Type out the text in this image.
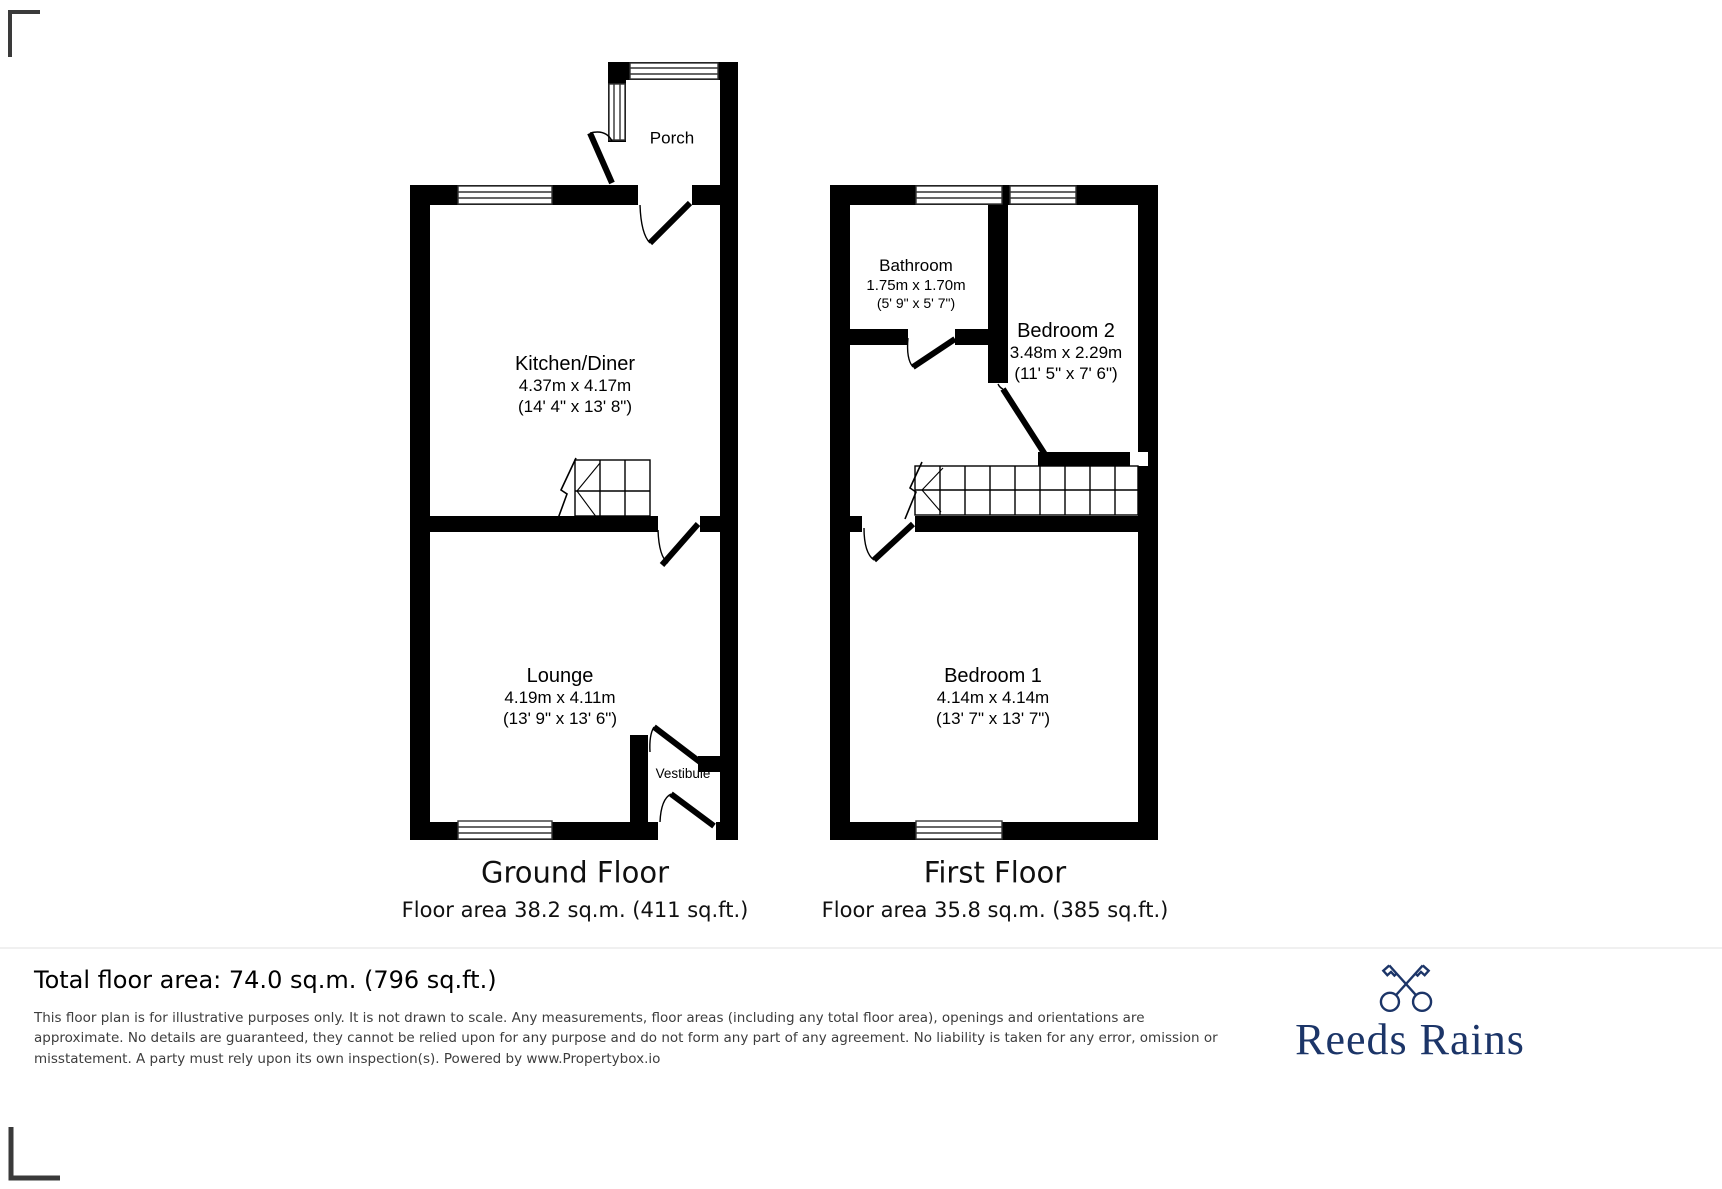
Porch
Kitchen/Diner
4.37m x 4.17m
(14' 4" x 13' 8")
Lounge
4.19m x 4.11m
(13' 9" x 13' 6")
Vestibule
Bathroom
1.75m x 1.70m
(5' 9" x 5' 7")
Bedroom 2
3.48m x 2.29m
(11' 5" x 7' 6")
Bedroom 1
4.14m x 4.14m
(13' 7" x 13' 7")
Ground Floor
Floor area 38.2 sq.m. (411 sq.ft.)
First Floor
Floor area 35.8 sq.m. (385 sq.ft.)
Total floor area: 74.0 sq.m. (796 sq.ft.)
This floor plan is for illustrative purposes only. It is not drawn to scale. Any measurements, floor areas (including any total floor area), openings and orientations are approximate. No details are guaranteed, they cannot be relied upon for any purpose and do not form any part of any agreement. No liability is taken for any error, omission or misstatement. A party must rely upon its own inspection(s). Powered by www.Propertybox.io	Reeds Rains
